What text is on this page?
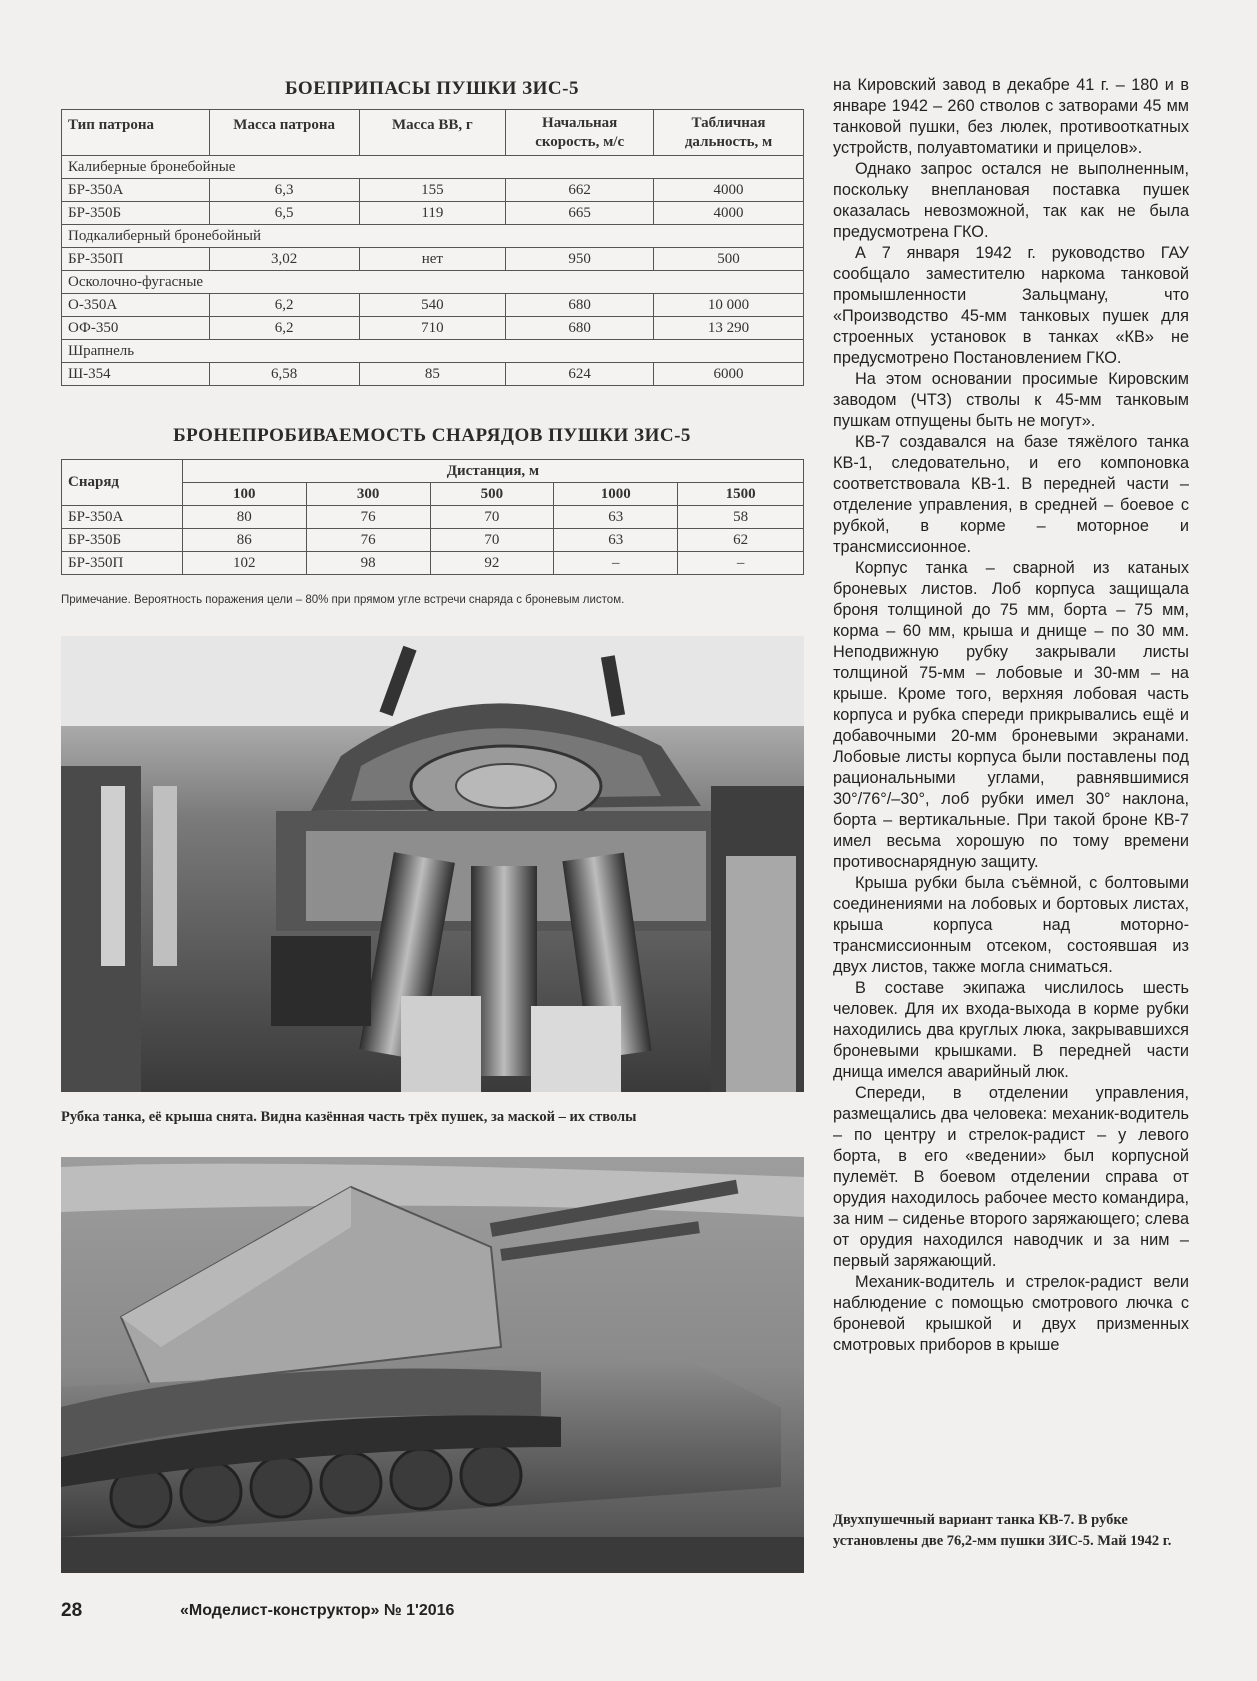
БОЕПРИПАСЫ ПУШКИ ЗИС-5
Тип патрона	Масса патрона	Масса ВВ, г	Начальная скорость, м/с	Табличная дальность, м
Калиберные бронебойные				
БР-350А	6,3	155	662	4000
БР-350Б	6,5	119	665	4000
Подкалиберный бронебойный				
БР-350П	3,02	нет	950	500
Осколочно-фугасные				
О-350А	6,2	540	680	10 000
ОФ-350	6,2	710	680	13 290
Шрапнель				
Ш-354	6,58	85	624	6000
БРОНЕПРОБИВАЕМОСТЬ СНАРЯДОВ ПУШКИ ЗИС-5
Снаряд	Дистанция, м				
	100	300	500	1000	1500
БР-350А	80	76	70	63	58
БР-350Б	86	76	70	63	62
БР-350П	102	98	92	–	–
Примечание. Вероятность поражения цели – 80% при прямом угле встречи снаряда с броневым листом.
Рубка танка, её крыша снята. Видна казённая часть трёх пушек, за маской – их стволы

на Кировский завод в декабре 41 г. – 180 и в январе 1942 – 260 стволов с затворами 45 мм танковой пушки, без люлек, противооткатных устройств, полуавтоматики и прицелов».

Однако запрос остался не выполненным, поскольку внеплановая поставка пушек оказалась невозможной, так как не была предусмотрена ГКО.

А 7 января 1942 г. руководство ГАУ сообщало заместителю наркома танковой промышленности Зальцману, что «Производство 45-мм танковых пушек для строенных установок в танках «КВ» не предусмотрено Постановлением ГКО.

На этом основании просимые Кировским заводом (ЧТЗ) стволы к 45-мм танковым пушкам отпущены быть не могут».

КВ-7 создавался на базе тяжёлого танка КВ-1, следовательно, и его компоновка соответствовала КВ-1. В передней части – отделение управления, в средней – боевое с рубкой, в корме – моторное и трансмиссионное.

Корпус танка – сварной из катаных броневых листов. Лоб корпуса защищала броня толщиной до 75 мм, борта – 75 мм, корма – 60 мм, крыша и днище – по 30 мм. Неподвижную рубку закрывали листы толщиной 75-мм – лобовые и 30-мм – на крыше. Кроме того, верхняя лобовая часть корпуса и рубка спереди прикрывались ещё и добавочными 20-мм броневыми экранами. Лобовые листы корпуса были поставлены под рациональными углами, равнявшимися 30°/76°/–30°, лоб рубки имел 30° наклона, борта – вертикальные. При такой броне КВ-7 имел весьма хорошую по тому времени противоснарядную защиту.

Крыша рубки была съёмной, с болтовыми соединениями на лобовых и бортовых листах, крыша корпуса над моторно-трансмиссионным отсеком, состоявшая из двух листов, также могла сниматься.

В составе экипажа числилось шесть человек. Для их входа-выхода в корме рубки находились два круглых люка, закрывавшихся броневыми крышками. В передней части днища имелся аварийный люк.

Спереди, в отделении управления, размещались два человека: механик-водитель – по центру и стрелок-радист – у левого борта, в его «ведении» был корпусной пулемёт. В боевом отделении справа от орудия находилось рабочее место командира, за ним – сиденье второго заряжающего; слева от орудия находился наводчик и за ним – первый заряжающий.

Механик-водитель и стрелок-радист вели наблюдение с помощью смотрового лючка с броневой крышкой и двух призменных смотровых приборов в крыше

Двухпушечный вариант танка КВ-7. В рубке установлены две 76,2-мм пушки ЗИС-5. Май 1942 г.
28	«Моделист-конструктор» № 1'2016
